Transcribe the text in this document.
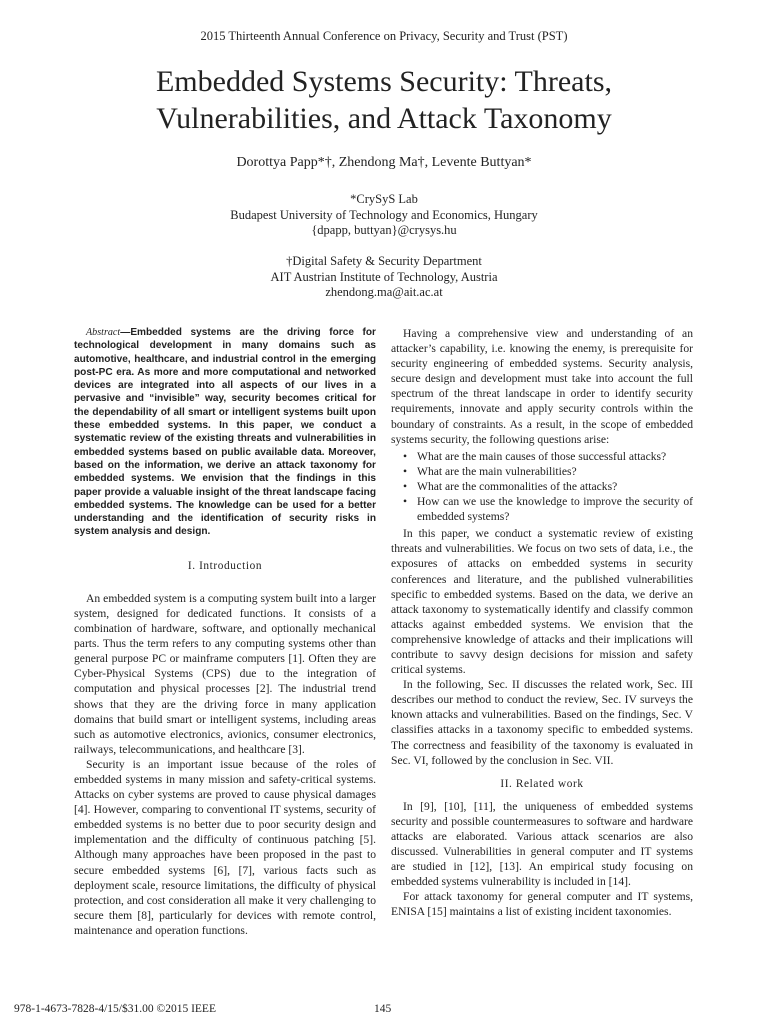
2015 Thirteenth Annual Conference on Privacy, Security and Trust (PST)
Embedded Systems Security: Threats,
Vulnerabilities, and Attack Taxonomy
Dorottya Papp*†, Zhendong Ma†, Levente Buttyan*
*CrySyS Lab
Budapest University of Technology and Economics, Hungary
{dpapp, buttyan}@crysys.hu
†Digital Safety & Security Department
AIT Austrian Institute of Technology, Austria
zhendong.ma@ait.ac.at

Abstract—Embedded systems are the driving force for technological development in many domains such as automotive, healthcare, and industrial control in the emerging post-PC era. As more and more computational and networked devices are integrated into all aspects of our lives in a pervasive and “invisible” way, security becomes critical for the dependability of all smart or intelligent systems built upon these embedded systems. In this paper, we conduct a systematic review of the existing threats and vulnerabilities in embedded systems based on public available data. Moreover, based on the information, we derive an attack taxonomy for embedded systems. We envision that the findings in this paper provide a valuable insight of the threat landscape facing embedded systems. The knowledge can be used for a better understanding and the identification of security risks in system analysis and design.

I. Introduction

An embedded system is a computing system built into a larger system, designed for dedicated functions. It consists of a combination of hardware, software, and optionally mechanical parts. Thus the term refers to any computing systems other than general purpose PC or mainframe computers [1]. Often they are Cyber-Physical Systems (CPS) due to the integration of computation and physical processes [2]. The industrial trend shows that they are the driving force in many application domains that build smart or intelligent systems, including areas such as automotive electronics, avionics, consumer electronics, railways, telecommunications, and healthcare [3].

Security is an important issue because of the roles of embedded systems in many mission and safety-critical systems. Attacks on cyber systems are proved to cause physical damages [4]. However, comparing to conventional IT systems, security of embedded systems is no better due to poor security design and implementation and the difficulty of continuous patching [5]. Although many approaches have been proposed in the past to secure embedded systems [6], [7], various facts such as deployment scale, resource limitations, the difficulty of physical protection, and cost consideration all make it very challenging to secure them [8], particularly for devices with remote control, maintenance and operation functions.

Having a comprehensive view and understanding of an attacker’s capability, i.e. knowing the enemy, is prerequisite for security engineering of embedded systems. Security analysis, secure design and development must take into account the full spectrum of the threat landscape in order to identify security requirements, innovate and apply security controls within the boundary of constraints. As a result, in the scope of embedded systems security, the following questions arise:

• What are the main causes of those successful attacks?
• What are the main vulnerabilities?
• What are the commonalities of the attacks?
• How can we use the knowledge to improve the security of embedded systems?

In this paper, we conduct a systematic review of existing threats and vulnerabilities. We focus on two sets of data, i.e., the exposures of attacks on embedded systems in security conferences and literature, and the published vulnerabilities specific to embedded systems. Based on the data, we derive an attack taxonomy to systematically identify and classify common attacks against embedded systems. We envision that the comprehensive knowledge of attacks and their implications will contribute to savvy design decisions for mission and safety critical systems.

In the following, Sec. II discusses the related work, Sec. III describes our method to conduct the review, Sec. IV surveys the known attacks and vulnerabilities. Based on the findings, Sec. V classifies attacks in a taxonomy specific to embedded systems. The correctness and feasibility of the taxonomy is evaluated in Sec. VI, followed by the conclusion in Sec. VII.

II. Related work

In [9], [10], [11], the uniqueness of embedded systems security and possible countermeasures to software and hardware attacks are elaborated. Various attack scenarios are also discussed. Vulnerabilities in general computer and IT systems are studied in [12], [13]. An empirical study focusing on embedded systems vulnerability is included in [14].

For attack taxonomy for general computer and IT systems, ENISA [15] maintains a list of existing incident taxonomies.

978-1-4673-7828-4/15/$31.00 ©2015 IEEE	145
